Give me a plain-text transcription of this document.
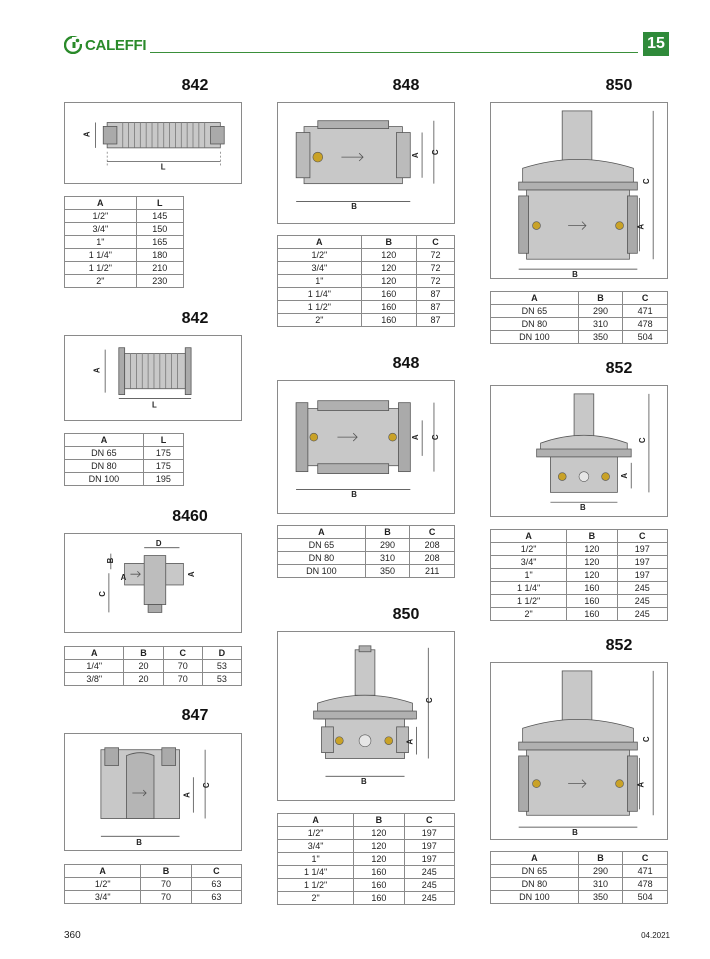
CALEFFI	15
842
A
L
A	L
1/2"	145
3/4"	150
1"	165
1 1/4"	180
1 1/2"	210
2"	230
842
A
L
A	L
DN 65	175
DN 80	175
DN 100	195
8460
D
B
C
A	A
A	B	C	D
1/4"	20	70	53
3/8"	20	70	53
847
B
A
C
A	B	C
1/2"	70	63
3/4"	70	63
848
B
A
C
A	B	C
1/2"	120	72
3/4"	120	72
1"	120	72
1 1/4"	160	87
1 1/2"	160	87
2"	160	87
848
B
A C
A	B	C
DN 65	290	208
DN 80	310	208
DN 100	350	211
850
B
A
C
A	B	C
1/2"	120	197
3/4"	120	197
1"	120	197
1 1/4"	160	245
1 1/2"	160	245
2"	160	245
850
B
A
C
A	B	C
DN 65	290	471
DN 80	310	478
DN 100	350	504
852
B
A
C
A	B	C
1/2"	120	197
3/4"	120	197
1"	120	197
1 1/4"	160	245
1 1/2"	160	245
2"	160	245
852
B
A
C
A	B	C
DN 65	290	471
DN 80	310	478
DN 100	350	504
360	04.2021
